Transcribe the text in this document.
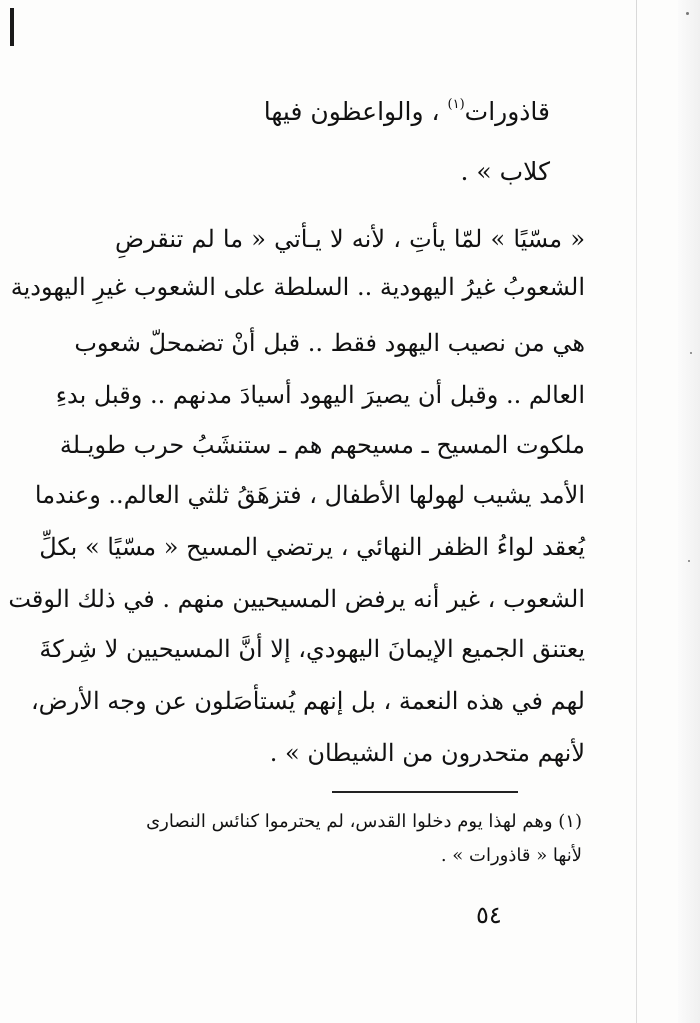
قاذورات$^{(١)}$ ، والواعظون فيها
كلاب » .
« مسّيًا » لمّا يأتِ ، لأنه لا يـأتي « ما لم تنقرضِ
الشعوبُ غيرُ اليهودية .. السلطة على الشعوب غيرِ اليهودية
هي من نصيب اليهود فقط .. قبل أنْ تضمحلّ شعوب
العالم .. وقبل أن يصيرَ اليهود أسيادَ مدنهم .. وقبل بدءِ
ملكوت المسيح ـ مسيحهم هم ـ ستنشَبُ حرب طويـلة
الأمد يشيب لهولها الأطفال ، فتزهَقُ ثلثي العالم.. وعندما
يُعقد لواءُ الظفر النهائي ، يرتضي المسيح « مسّيًا » بكلِّ
الشعوب ، غير أنه يرفض المسيحيين منهم . في ذلك الوقت
يعتنق الجميع الإيمانَ اليهودي، إلا أنَّ المسيحيين لا شِركةَ
لهم في هذه النعمة ، بل إنهم يُستأصَلون عن وجه الأرض،
لأنهم متحدرون من الشيطان » .
(١) وهم لهذا يوم دخلوا القدس، لم يحترموا كنائس النصارى
لأنها « قاذورات » .
٥٤
